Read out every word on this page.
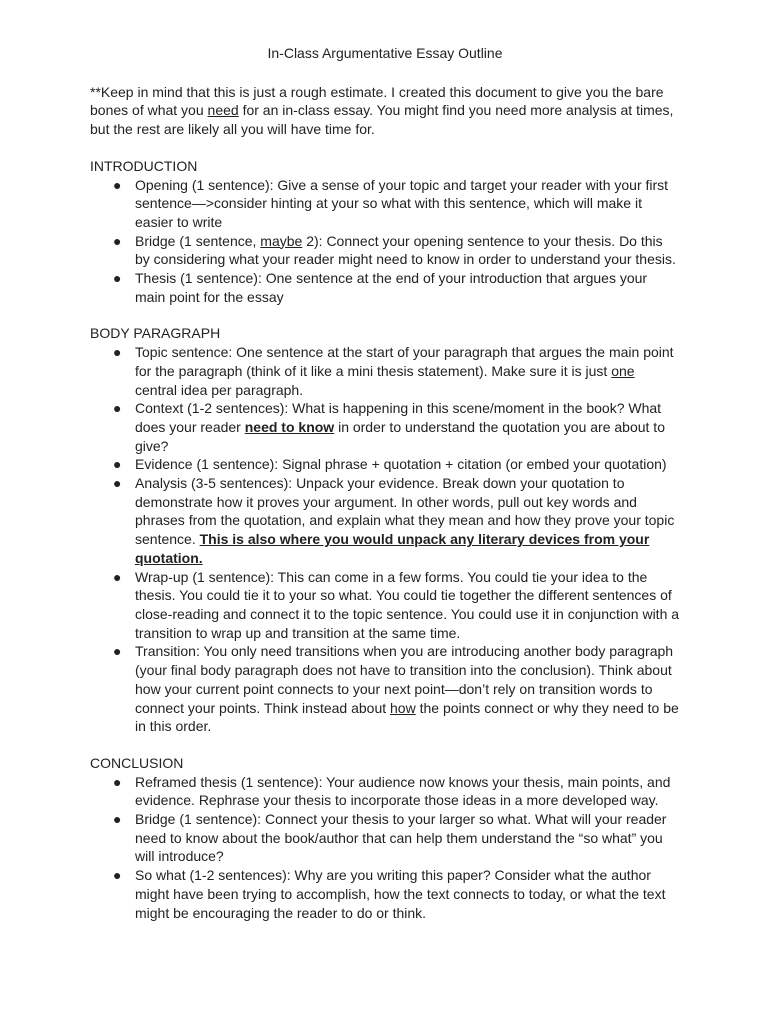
In-Class Argumentative Essay Outline
**Keep in mind that this is just a rough estimate. I created this document to give you the bare bones of what you need for an in-class essay. You might find you need more analysis at times, but the rest are likely all you will have time for.
INTRODUCTION
● Opening (1 sentence): Give a sense of your topic and target your reader with your first sentence—>consider hinting at your so what with this sentence, which will make it easier to write
● Bridge (1 sentence, maybe 2): Connect your opening sentence to your thesis. Do this by considering what your reader might need to know in order to understand your thesis.
● Thesis (1 sentence): One sentence at the end of your introduction that argues your main point for the essay
BODY PARAGRAPH
● Topic sentence: One sentence at the start of your paragraph that argues the main point for the paragraph (think of it like a mini thesis statement). Make sure it is just one central idea per paragraph.
● Context (1-2 sentences): What is happening in this scene/moment in the book? What does your reader need to know in order to understand the quotation you are about to give?
● Evidence (1 sentence): Signal phrase + quotation + citation (or embed your quotation)
● Analysis (3-5 sentences): Unpack your evidence. Break down your quotation to demonstrate how it proves your argument. In other words, pull out key words and phrases from the quotation, and explain what they mean and how they prove your topic sentence. This is also where you would unpack any literary devices from your quotation.
● Wrap-up (1 sentence): This can come in a few forms. You could tie your idea to the thesis. You could tie it to your so what. You could tie together the different sentences of close-reading and connect it to the topic sentence. You could use it in conjunction with a transition to wrap up and transition at the same time.
● Transition: You only need transitions when you are introducing another body paragraph (your final body paragraph does not have to transition into the conclusion). Think about how your current point connects to your next point—don’t rely on transition words to connect your points. Think instead about how the points connect or why they need to be in this order.
CONCLUSION
● Reframed thesis (1 sentence): Your audience now knows your thesis, main points, and evidence. Rephrase your thesis to incorporate those ideas in a more developed way.
● Bridge (1 sentence): Connect your thesis to your larger so what. What will your reader need to know about the book/author that can help them understand the “so what” you will introduce?
● So what (1-2 sentences): Why are you writing this paper? Consider what the author might have been trying to accomplish, how the text connects to today, or what the text might be encouraging the reader to do or think.
